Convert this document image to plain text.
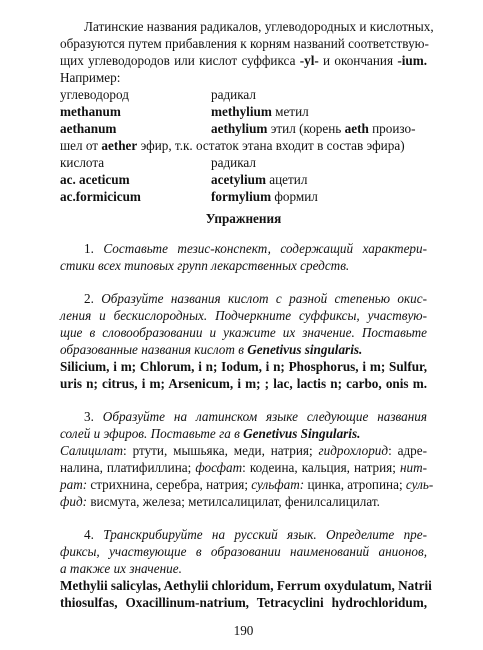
Латинские названия радикалов, углеводородных и кислотных,
образуются путем прибавления к корням названий соответствую-
щих углеводородов или кислот суффикса -yl- и окончания -ium.
Например:
углеводород	радикал
methanum	methylium метил
aethanum	aethylium этил (корень aeth произо-
шел от aether эфир, т.к. остаток этана входит в состав эфира)
кислота	радикал
ac. aceticum	acetylium ацетил
ac.formicicum	formylium формил
Упражнения
1. Составьте тезис-конспект, содержащий характери-
стики всех типовых групп лекарственных средств.
2. Образуйте названия кислот с разной степенью окис-
ления и бескислородных. Подчеркните суффиксы, участвую-
щие в словообразовании и укажите их значение. Поставьте
образованные названия кислот в Genetivus singularis.
Silicium, i m; Chlorum, i n; Iodum, i n; Phosphorus, i m; Sulfur,
uris n; citrus, i m; Arsenicum, i m; ; lac, lactis n; carbo, onis m.
3. Образуйте на латинском языке следующие названия
солей и эфиров. Поставьте га в Genetivus Singularis.
Салицилат: ртути, мышьяка, меди, натрия; гидрохлорид: адре-
налина, платифиллина; фосфат: кодеина, кальция, натрия; нит-
рат: стрихнина, серебра, натрия; сульфат: цинка, атропина; суль-
фид: висмута, железа; метилсалицилат, фенилсалицилат.
4. Транскрибируйте на русский язык. Определите пре-
фиксы, участвующие в образовании наименований анионов,
а также их значение.
Methylii salicylas, Aethylii chloridum, Ferrum oxydulatum, Natrii
thiosulfas, Oxacillinum-natrium, Tetracyclini hydrochloridum,
190
